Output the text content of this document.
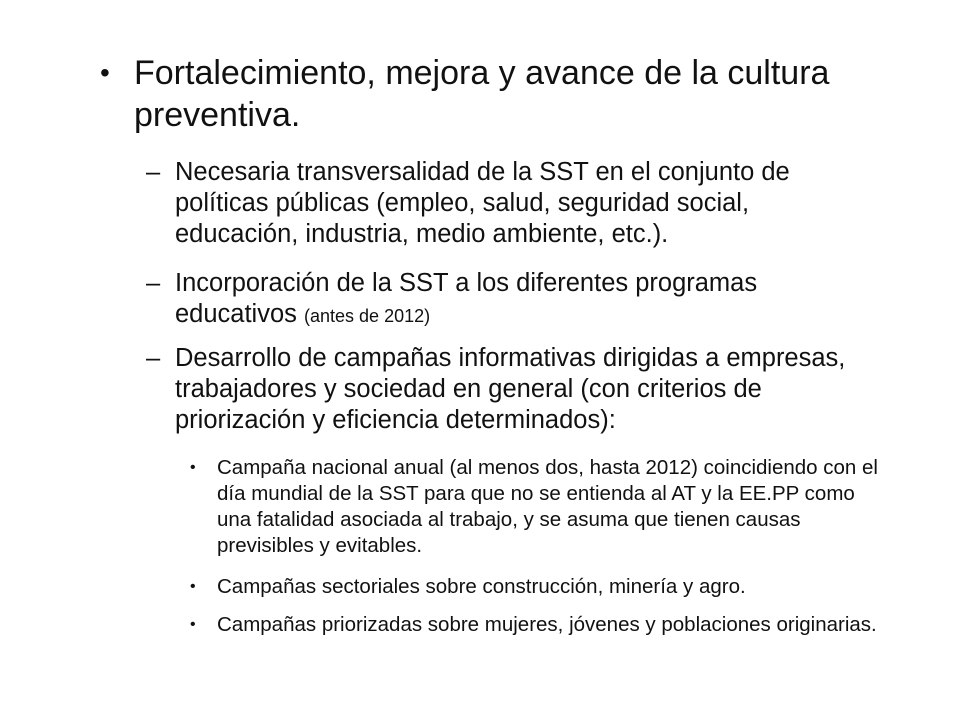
• Fortalecimiento, mejora y avance de la cultura preventiva.
– Necesaria transversalidad de la SST en el conjunto de políticas públicas (empleo, salud, seguridad social, educación, industria, medio ambiente, etc.).
– Incorporación de la SST a los diferentes programas educativos (antes de 2012)
– Desarrollo de campañas informativas dirigidas a empresas, trabajadores y sociedad en general (con criterios de priorización y eficiencia determinados):
•	Campaña nacional anual (al menos dos, hasta 2012) coincidiendo con el día mundial de la SST para que no se entienda al AT y la EE.PP como una fatalidad asociada al trabajo, y se asuma que tienen causas previsibles y evitables.
•	Campañas sectoriales sobre construcción, minería y agro.
•	Campañas priorizadas sobre mujeres, jóvenes y poblaciones originarias.
